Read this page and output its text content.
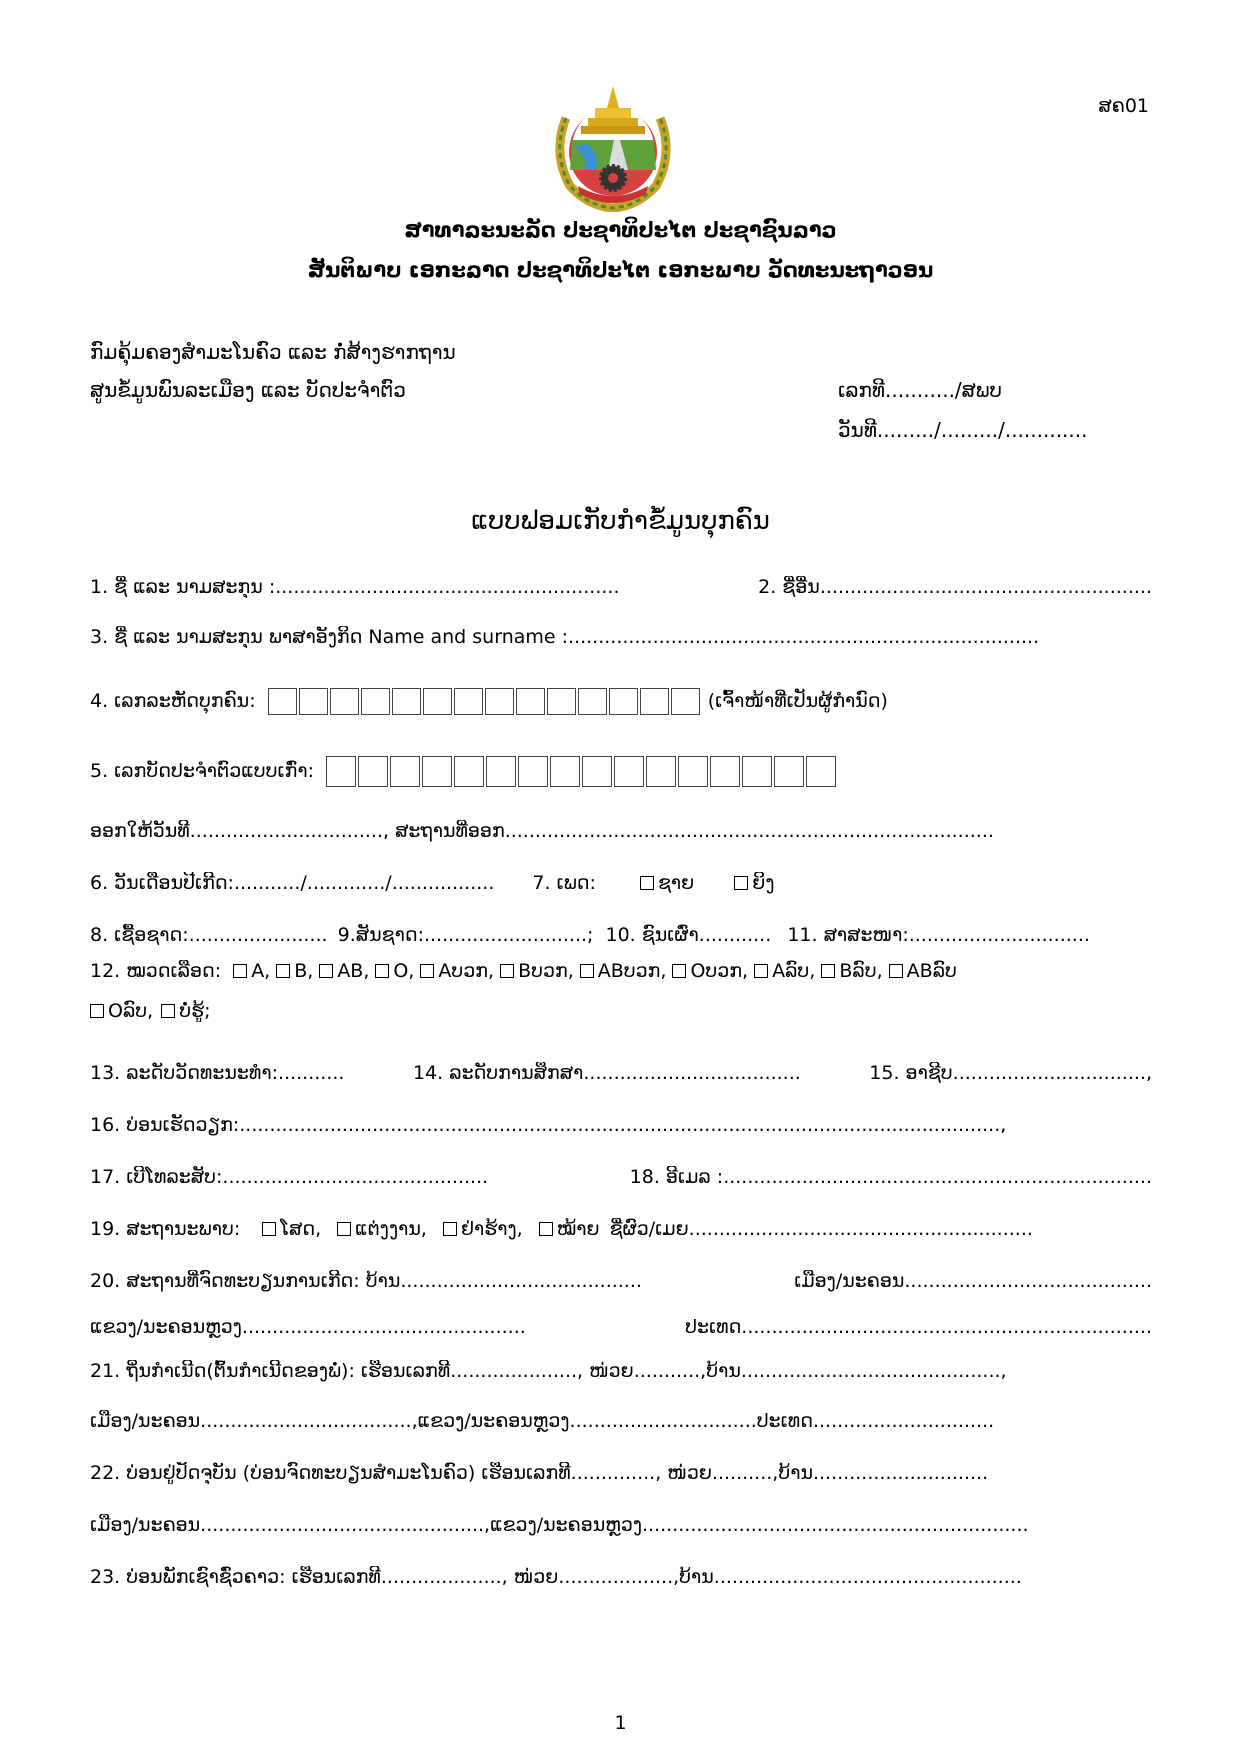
ສຄ01
ສາທາລະນະລັດ ປະຊາທິປະໄຕ ປະຊາຊົນລາວ
ສັນຕິພາບ ເອກະລາດ ປະຊາທິປະໄຕ ເອກະພາບ ວັດທະນະຖາວອນ
ກົມຄຸ້ມຄອງສຳມະໂນຄົວ ແລະ ກໍ່ສ້າງຮາກຖານ
ສູນຂໍ້ມູນພົນລະເມືອງ ແລະ ບັດປະຈຳຕົວ	ເລກທີ.........../ສພບ
ວັນທີ........./........./.............
ແບບຟອມເກັບກຳຂໍ້ມູນບຸກຄົນ
1. ຊື່ ແລະ ນາມສະກຸນ :.........................................................	2. ຊື່ອື່ນ.......................................................
3. ຊື່ ແລະ ນາມສະກຸນ ພາສາອັງກິດ Name and surname :..............................................................................
4. ເລກລະຫັດບຸກຄົນ:	(ເຈົ້າໜ້າທີ່ເປັນຜູ້ກຳນົດ)
5. ເລກບັດປະຈຳຕົວແບບເກົ່າ:
ອອກໃຫ້ວັນທີ................................, ສະຖານທີ່ອອກ.................................................................................
6. ວັນເດືອນປີເກີດ:.........../............./................. 7. ເພດ:	ຊາຍ	ຍິງ
8. ເຊື້ອຊາດ:....................... 9.ສັນຊາດ:...........................; 10. ຊົນເຜົ່າ............ 11. ສາສະໜາ:..............................
12. ໝວດເລືອດ: A, B, AB, O, Aບວກ, Bບວກ, ABບວກ, Oບວກ, Aລົບ, Bລົບ, ABລົບ
Oລົບ, ບໍ່ຮູ້;
13. ລະດັບວັດທະນະທຳ:...........	14. ລະດັບການສຶກສາ....................................	15. ອາຊີບ................................,
16. ບ່ອນເຮັດວຽກ:..............................................................................................................................,
17. ເບີໂທລະສັບ:............................................	18. ອີເມລ :.......................................................................
19. ສະຖານະພາບ: ໂສດ, ແຕ່ງງານ, ຢ່າຮ້າງ, ໝ້າຍ ຊື່ຜົວ/ເມຍ.........................................................
20. ສະຖານທີ່ຈົດທະບຽນການເກີດ: ບ້ານ........................................	ເມືອງ/ນະຄອນ.........................................
ແຂວງ/ນະຄອນຫຼວງ...............................................	ປະເທດ....................................................................
21. ຖິ່ນກຳເນີດ(ຕົ້ນກຳເນີດຂອງພໍ່): ເຮືອນເລກທີ....................., ໜ່ວຍ...........,ບ້ານ...........................................,
ເມືອງ/ນະຄອນ...................................,ແຂວງ/ນະຄອນຫຼວງ...............................ປະເທດ..............................
22. ບ່ອນຢູ່ປັດຈຸບັນ (ບ່ອນຈົດທະບຽນສຳມະໂນຄົວ) ເຮືອນເລກທີ.............., ໜ່ວຍ..........,ບ້ານ.............................
ເມືອງ/ນະຄອນ...............................................,ແຂວງ/ນະຄອນຫຼວງ................................................................
23. ບ່ອນພັກເຊົາຊົ່ວຄາວ: ເຮືອນເລກທີ...................., ໜ່ວຍ...................,ບ້ານ...................................................
1
